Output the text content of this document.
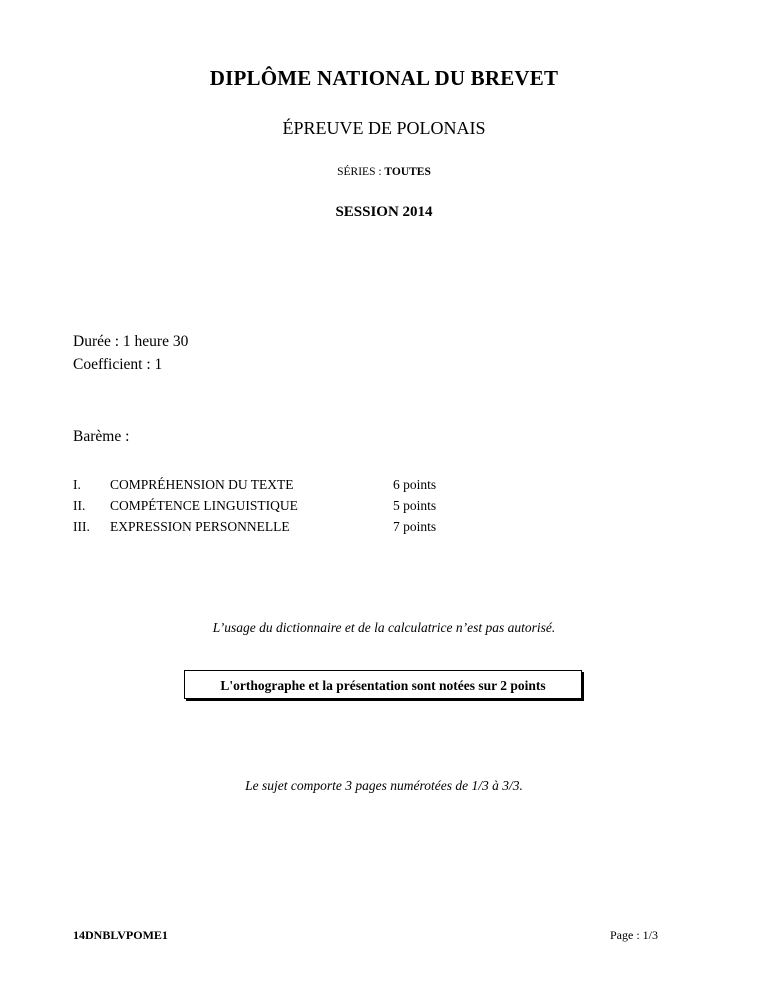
DIPLÔME NATIONAL DU BREVET
ÉPREUVE DE POLONAIS
SÉRIES : TOUTES
SESSION 2014
Durée : 1 heure 30
Coefficient : 1
Barème :
I. COMPRÉHENSION DU TEXTE	6 points
II. COMPÉTENCE LINGUISTIQUE	5 points
III. EXPRESSION PERSONNELLE	7 points
L’usage du dictionnaire et de la calculatrice n’est pas autorisé.
L'orthographe et la présentation sont notées sur 2 points
Le sujet comporte 3 pages numérotées de 1/3 à 3/3.
14DNBLVPOME1	Page : 1/3
